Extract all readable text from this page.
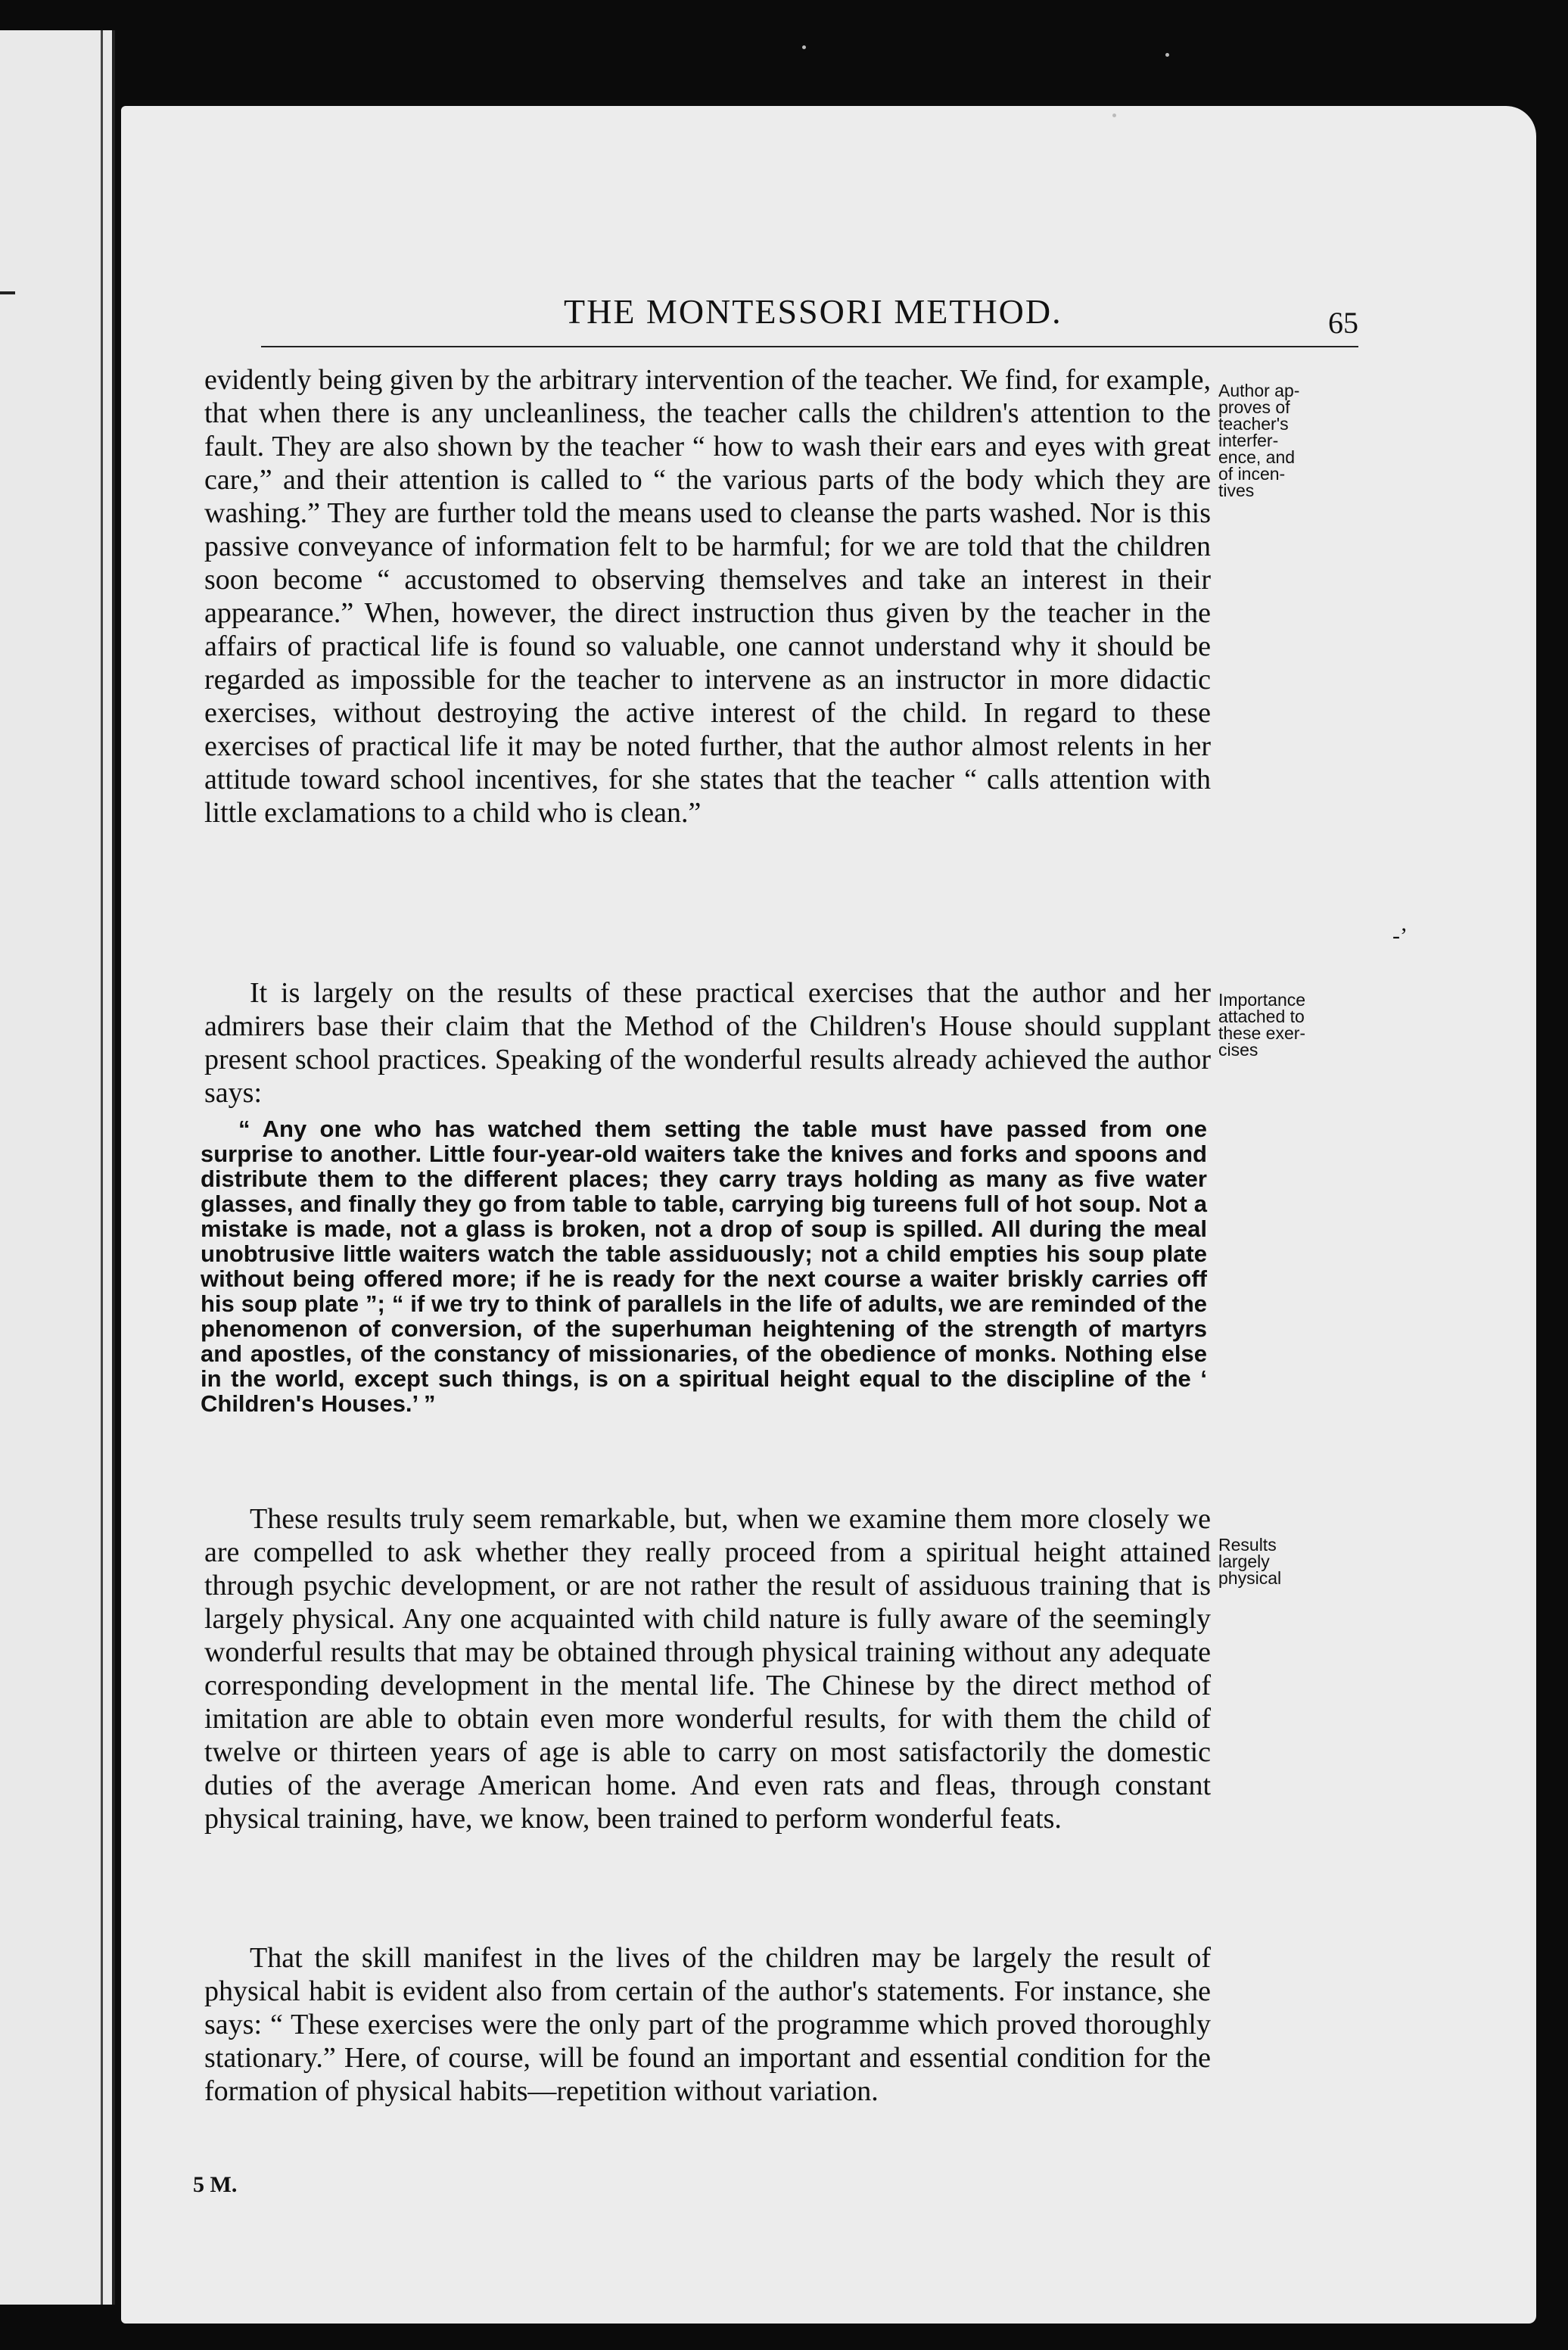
THE MONTESSORI METHOD.	65

evidently being given by the arbitrary intervention of the teacher. We find, for example, that when there is any uncleanliness, the teacher calls the children's attention to the fault. They are also shown by the teacher “ how to wash their ears and eyes with great care,” and their attention is called to “ the various parts of the body which they are washing.” They are further told the means used to cleanse the parts washed. Nor is this passive conveyance of information felt to be harmful; for we are told that the children soon become “ accustomed to observing themselves and take an interest in their appearance.” When, however, the direct instruction thus given by the teacher in the affairs of practical life is found so valuable, one cannot understand why it should be regarded as impossible for the teacher to intervene as an instructor in more didactic exercises, without destroying the active interest of the child. In regard to these exercises of practical life it may be noted further, that the author almost relents in her attitude toward school incentives, for she states that the teacher “ calls attention with little exclamations to a child who is clean.”

It is largely on the results of these practical exercises that the author and her admirers base their claim that the Method of the Children's House should supplant present school practices. Speaking of the wonderful results already achieved the author says:

“ Any one who has watched them setting the table must have passed from one surprise to another. Little four-year-old waiters take the knives and forks and spoons and distribute them to the different places; they carry trays holding as many as five water glasses, and finally they go from table to table, carrying big tureens full of hot soup. Not a mistake is made, not a glass is broken, not a drop of soup is spilled. All during the meal unobtrusive little waiters watch the table assiduously; not a child empties his soup plate without being offered more; if he is ready for the next course a waiter briskly carries off his soup plate ”; “ if we try to think of parallels in the life of adults, we are reminded of the phenomenon of conversion, of the superhuman heightening of the strength of martyrs and apostles, of the constancy of missionaries, of the obedience of monks. Nothing else in the world, except such things, is on a spiritual height equal to the discipline of the ‘ Children's Houses.’ ”

These results truly seem remarkable, but, when we examine them more closely we are compelled to ask whether they really proceed from a spiritual height attained through psychic development, or are not rather the result of assiduous training that is largely physical. Any one acquainted with child nature is fully aware of the seemingly wonderful results that may be obtained through physical training without any adequate corresponding development in the mental life. The Chinese by the direct method of imitation are able to obtain even more wonderful results, for with them the child of twelve or thirteen years of age is able to carry on most satisfactorily the domestic duties of the average American home. And even rats and fleas, through constant physical training, have, we know, been trained to perform wonderful feats.

That the skill manifest in the lives of the children may be largely the result of physical habit is evident also from certain of the author's statements. For instance, she says: “ These exercises were the only part of the programme which proved thoroughly stationary.” Here, of course, will be found an important and essential condition for the formation of physical habits—repetition without variation.

Author ap-
proves of
teacher's
interfer-
ence, and
of incen-
tives
Importance
attached to
these exer-
cises
Results
largely
physical
-’
5 M.
